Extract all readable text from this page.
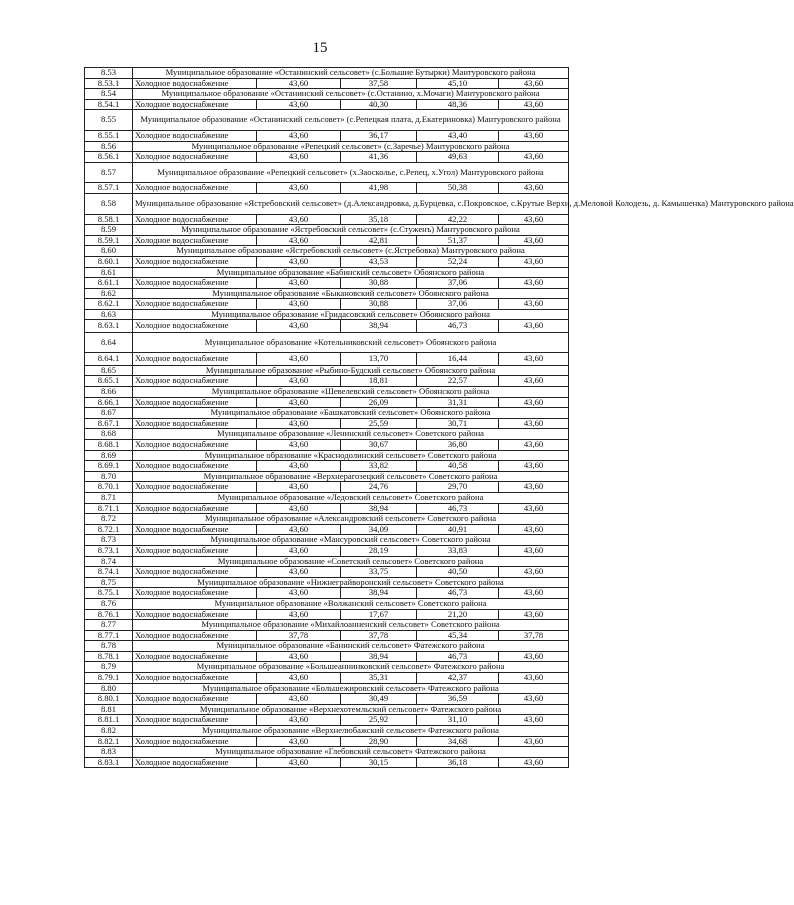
15
8.53	Муниципальное образование «Останинский сельсовет» (с.Большие Бутырки) Мантуровского района				
8.53.1	Холодное водоснабжение	43,60	37,58	45,10	43,60
8.54	Муниципальное образование «Останинский сельсовет» (с.Останино, х.Мочаги) Мантуровского района				
8.54.1	Холодное водоснабжение	43,60	40,30	48,36	43,60
8.55	Муниципальное образование «Останинский сельсовет» (с.Репецкая плата, д.Екатериновка) Мантуровского района				
8.55.1	Холодное водоснабжение	43,60	36,17	43,40	43,60
8.56	Муниципальное образование «Репецкий сельсовет» (с.Заречье) Мантуровского района				
8.56.1	Холодное водоснабжение	43,60	41,36	49,63	43,60
8.57	Муниципальное образование «Репецкий сельсовет» (х.Заосколье, с.Репец, х.Угол) Мантуровского района				
8.57.1	Холодное водоснабжение	43,60	41,98	50,38	43,60
8.58	Муниципальное образование «Ястребовский сельсовет» (д.Александровка, д.Бурцевка, с.Покровское, с.Крутые Верхи, д.Меловой Колодезь, д. Камышенка) Мантуровского района				
8.58.1	Холодное водоснабжение	43,60	35,18	42,22	43,60
8.59	Муниципальное образование «Ястребовский сельсовет» (с.Стуженъ) Мантуровского района				
8.59.1	Холодное водоснабжение	43,60	42,81	51,37	43,60
8.60	Муниципальное образование «Ястребовский сельсовет» (с.Ястребовка) Мантуровского района				
8.60.1	Холодное водоснабжение	43,60	43,53	52,24	43,60
8.61	Муниципальное образование «Бабинский сельсовет» Обоянского района				
8.61.1	Холодное водоснабжение	43,60	30,88	37,06	43,60
8.62	Муниципальное образование «Быкановский сельсовет» Обоянского района				
8.62.1	Холодное водоснабжение	43,60	30,88	37,06	43,60
8.63	Муниципальное образование «Гридасовский сельсовет» Обоянского района				
8.63.1	Холодное водоснабжение	43,60	38,94	46,73	43,60
8.64	Муниципальное образование «Котельниковский сельсовет» Обоянского района				
8.64.1	Холодное водоснабжение	43,60	13,70	16,44	43,60
8.65	Муниципальное образование «Рыбино-Будский сельсовет» Обоянского района				
8.65.1	Холодное водоснабжение	43,60	18,81	22,57	43,60
8.66	Муниципальное образование «Шевелевский сельсовет» Обоянского района				
8.66.1	Холодное водоснабжение	43,60	26,09	31,31	43,60
8.67	Муниципальное образование «Башкатовский сельсовет» Обоянского района				
8.67.1	Холодное водоснабжение	43,60	25,59	30,71	43,60
8.68	Муниципальное образование «Ленинский сельсовет» Советского района				
8.68.1	Холодное водоснабжение	43,60	30,67	36,80	43,60
8.69	Муниципальное образование «Краснодолинский сельсовет» Советского района				
8.69.1	Холодное водоснабжение	43,60	33,82	40,58	43,60
8.70	Муниципальное образование «Верхнерагозецкий сельсовет» Советского района				
8.70.1	Холодное водоснабжение	43,60	24,76	29,70	43,60
8.71	Муниципальное образование «Ледовский сельсовет» Советского района				
8.71.1	Холодное водоснабжение	43,60	38,94	46,73	43,60
8.72	Муниципальное образование «Александровский сельсовет» Советского района				
8.72.1	Холодное водоснабжение	43,60	34,09	40,91	43,60
8.73	Муниципальное образование «Мансуровский сельсовет» Советского района				
8.73.1	Холодное водоснабжение	43,60	28,19	33,83	43,60
8.74	Муниципальное образование «Советский сельсовет» Советского района				
8.74.1	Холодное водоснабжение	43,60	33,75	40,50	43,60
8.75	Муниципальное образование «Нижнеграйворонский сельсовет» Советского района				
8.75.1	Холодное водоснабжение	43,60	38,94	46,73	43,60
8.76	Муниципальное образование «Волжанский сельсовет» Советского района				
8.76.1	Холодное водоснабжение	43,60	17,67	21,20	43,60
8.77	Муниципальное образование «Михайлоанненский сельсовет» Советского района				
8.77.1	Холодное водоснабжение	37,78	37,78	45,34	37,78
8.78	Муниципальное образование «Банинский сельсовет» Фатежского района				
8.78.1	Холодное водоснабжение	43,60	38,94	46,73	43,60
8.79	Муниципальное образование «Большеаннинковский сельсовет» Фатежского района				
8.79.1	Холодное водоснабжение	43,60	35,31	42,37	43,60
8.80	Муниципальное образование «Большежировский сельсовет» Фатежского района				
8.80.1	Холодное водоснабжение	43,60	30,49	36,59	43,60
8.81	Муниципальное образование «Верхнехотемльский сельсовет» Фатежского района				
8.81.1	Холодное водоснабжение	43,60	25,92	31,10	43,60
8.82	Муниципальное образование «Верхнелюбажский сельсовет» Фатежского района				
8.82.1	Холодное водоснабжение	43,60	28,90	34,68	43,60
8.83	Муниципальное образование «Глебовский сельсовет» Фатежского района				
8.83.1	Холодное водоснабжение	43,60	30,15	36,18	43,60
